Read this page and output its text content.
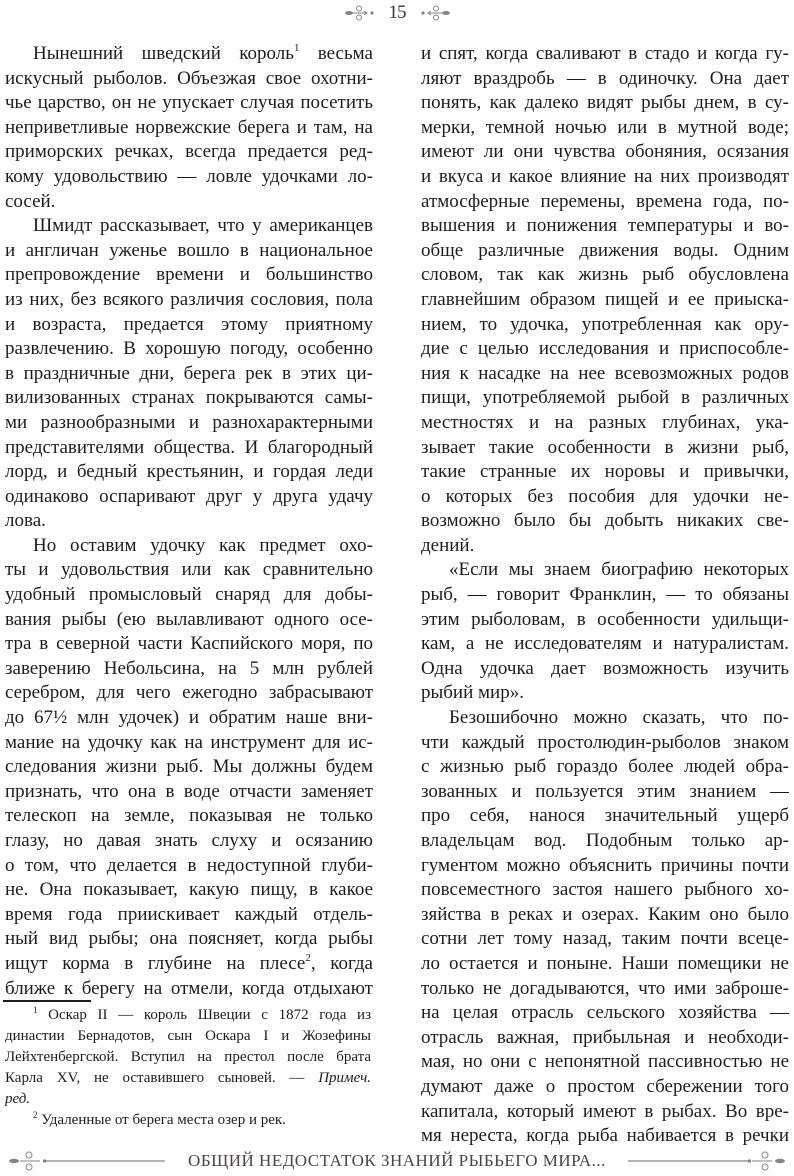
15
Нынешний шведский король$^1$ весьма
искусный рыболов. Объезжая свое охотни-
чье царство, он не упускает случая посетить
неприветливые норвежские берега и там, на
приморских речках, всегда предается ред-
кому удовольствию — ловле удочками ло-
сосей.
Шмидт рассказывает, что у американцев
и англичан уженье вошло в национальное
препровождение времени и большинство
из них, без всякого различия сословия, пола
и возраста, предается этому приятному
развлечению. В хорошую погоду, особенно
в праздничные дни, берега рек в этих ци-
вилизованных странах покрываются самы-
ми разнообразными и разнохарактерными
представителями общества. И благородный
лорд, и бедный крестьянин, и гордая леди
одинаково оспаривают друг у друга удачу
лова.
Но оставим удочку как предмет охо-
ты и удовольствия или как сравнительно
удобный промысловый снаряд для добы-
вания рыбы (ею вылавливают одного осе-
тра в северной части Каспийского моря, по
заверению Небольсина, на 5 млн рублей
серебром, для чего ежегодно забрасывают
до 67½ млн удочек) и обратим наше вни-
мание на удочку как на инструмент для ис-
следования жизни рыб. Мы должны будем
признать, что она в воде отчасти заменяет
телескоп на земле, показывая не только
глазу, но давая знать слуху и осязанию
о том, что делается в недоступной глуби-
не. Она показывает, какую пищу, в какое
время года приискивает каждый отдель-
ный вид рыбы; она поясняет, когда рыбы
ищут корма в глубине на плесе$^2$, когда
ближе к берегу на отмели, когда отдыхают
и спят, когда сваливают в стадо и когда гу-
ляют враздробь — в одиночку. Она дает
понять, как далеко видят рыбы днем, в су-
мерки, темной ночью или в мутной воде;
имеют ли они чувства обоняния, осязания
и вкуса и какое влияние на них производят
атмосферные перемены, времена года, по-
вышения и понижения температуры и во-
обще различные движения воды. Одним
словом, так как жизнь рыб обусловлена
главнейшим образом пищей и ее приыска-
нием, то удочка, употребленная как ору-
дие с целью исследования и приспособле-
ния к насадке на нее всевозможных родов
пищи, употребляемой рыбой в различных
местностях и на разных глубинах, ука-
зывает такие особенности в жизни рыб,
такие странные их норовы и привычки,
о которых без пособия для удочки не-
возможно было бы добыть никаких све-
дений.
«Если мы знаем биографию некоторых
рыб, — говорит Франклин, — то обязаны
этим рыболовам, в особенности удильщи-
кам, а не исследователям и натуралистам.
Одна удочка дает возможность изучить
рыбий мир».
Безошибочно можно сказать, что по-
чти каждый простолюдин-рыболов знаком
с жизнью рыб гораздо более людей обра-
зованных и пользуется этим знанием —
про себя, нанося значительный ущерб
владельцам вод. Подобным только ар-
гументом можно объяснить причины почти
повсеместного застоя нашего рыбного хо-
зяйства в реках и озерах. Каким оно было
сотни лет тому назад, таким почти всеце-
ло остается и поныне. Наши помещики не
только не догадываются, что ими заброше-
на целая отрасль сельского хозяйства —
отрасль важная, прибыльная и необходи-
мая, но они с непонятной пассивностью не
думают даже о простом сбережении того
капитала, который имеют в рыбах. Во вре-
мя нереста, когда рыба набивается в речки
$^1$ Оскар II — король Швеции с 1872 года из
династии Бернадотов, сын Оскара I и Жозефины
Лейхтенбергской. Вступил на престол после брата
Карла XV, не оставившего сыновей. — Примеч.
ред.
$^2$ Удаленные от берега места озер и рек.
ОБЩИЙ НЕДОСТАТОК ЗНАНИЙ РЫБЬЕГО МИРА...
